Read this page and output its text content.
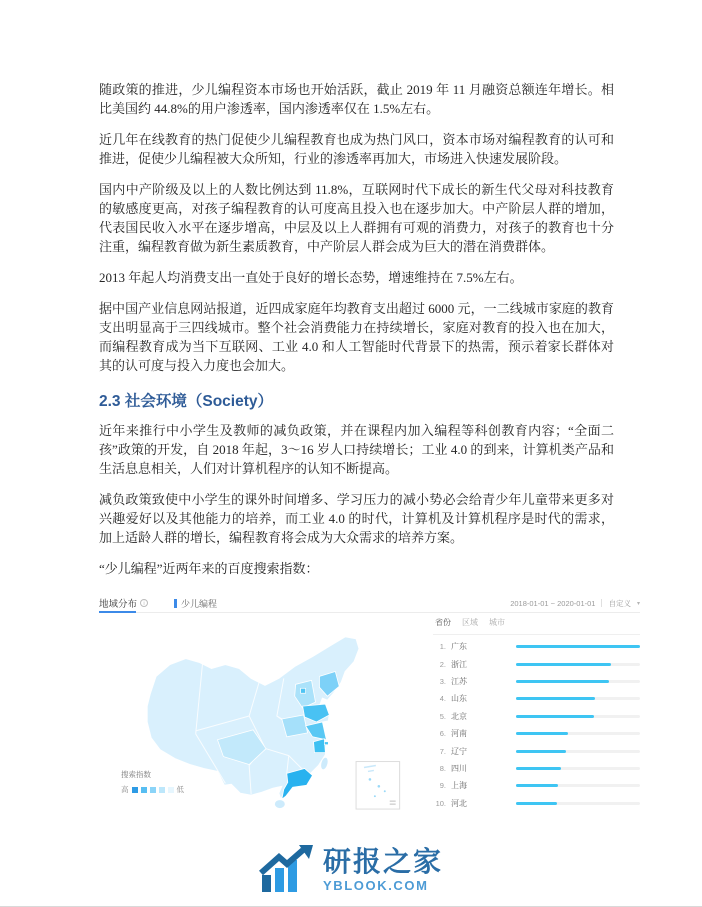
随政策的推进，少儿编程资本市场也开始活跃，截止 2019 年 11 月融资总额连年增长。相比美国约 44.8%的用户渗透率，国内渗透率仅在 1.5%左右。

近几年在线教育的热门促使少儿编程教育也成为热门风口，资本市场对编程教育的认可和推进，促使少儿编程被大众所知，行业的渗透率再加大，市场进入快速发展阶段。

国内中产阶级及以上的人数比例达到 11.8%，互联网时代下成长的新生代父母对科技教育的敏感度更高，对孩子编程教育的认可度高且投入也在逐步加大。中产阶层人群的增加，代表国民收入水平在逐步增高，中层及以上人群拥有可观的消费力，对孩子的教育也十分注重，编程教育做为新生素质教育，中产阶层人群会成为巨大的潜在消费群体。

2013 年起人均消费支出一直处于良好的增长态势，增速维持在 7.5%左右。

据中国产业信息网站报道，近四成家庭年均教育支出超过 6000 元，一二线城市家庭的教育支出明显高于三四线城市。整个社会消费能力在持续增长，家庭对教育的投入也在加大，而编程教育成为当下互联网、工业 4.0 和人工智能时代背景下的热需，预示着家长群体对其的认可度与投入力度也会加大。

2.3 社会环境（Society）

近年来推行中小学生及教师的减负政策，并在课程内加入编程等科创教育内容；“全面二孩”政策的开发，自 2018 年起，3～16 岁人口持续增长；工业 4.0 的到来，计算机类产品和生活息息相关，人们对计算机程序的认知不断提高。

减负政策致使中小学生的课外时间增多、学习压力的减小势必会给青少年儿童带来更多对兴趣爱好以及其他能力的培养，而工业 4.0 的时代，计算机及计算机程序是时代的需求，加上适龄人群的增长，编程教育将会成为大众需求的培养方案。

“少儿编程”近两年来的百度搜索指数：

地域分布	i	少儿编程	2018-01-01 ~ 2020-01-01 自定义 ▾
搜索指数
高	低
省份 区域 城市
1. 广东
2. 浙江
3. 江苏
4. 山东
5. 北京
6. 河南
7. 辽宁
8. 四川
9. 上海
10. 河北
研报之家
YBLOOK.COM
